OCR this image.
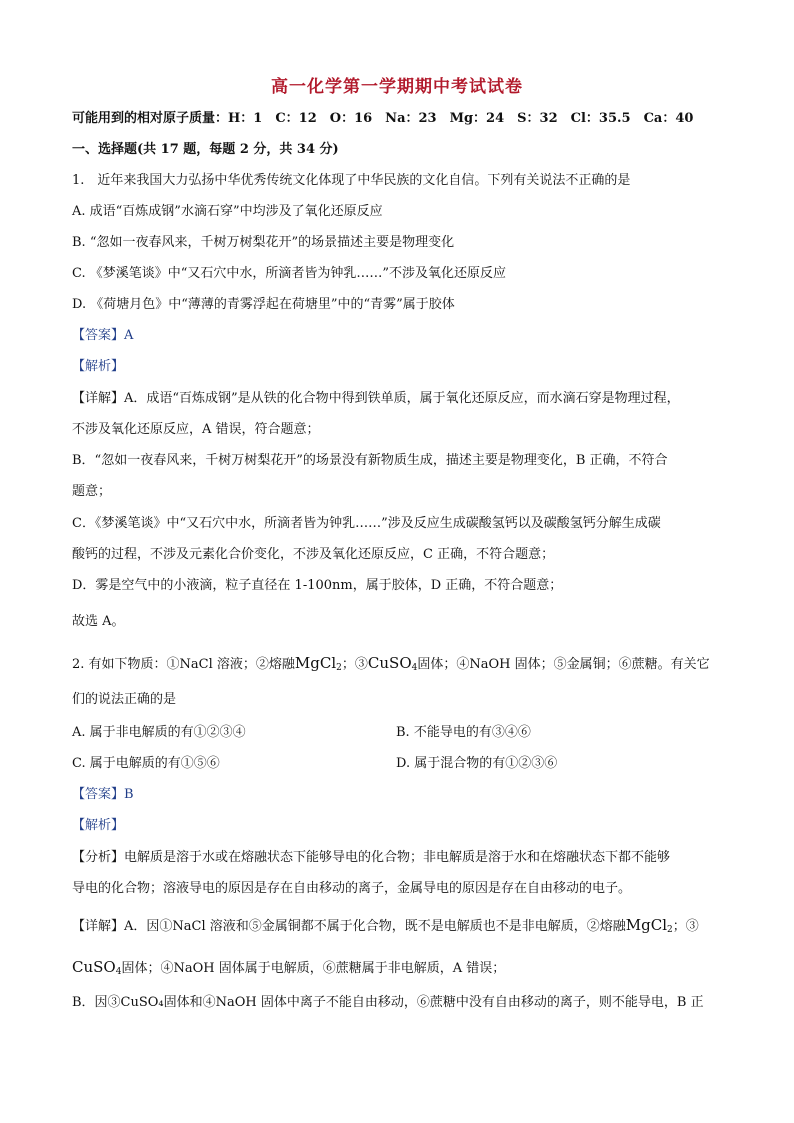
高一化学第一学期期中考试试卷
可能用到的相对原子质量：H：1　C：12　O：16　Na：23　Mg：24　S：32　Cl：35.5　Ca：40
一、选择题(共 17 题，每题 2 分，共 34 分)
1.　近年来我国大力弘扬中华优秀传统文化体现了中华民族的文化自信。下列有关说法不正确的是
A. 成语“百炼成钢”水滴石穿”中均涉及了氧化还原反应
B. “忽如一夜春风来，千树万树梨花开”的场景描述主要是物理变化
C. 《梦溪笔谈》中“又石穴中水，所滴者皆为钟乳……”不涉及氧化还原反应
D. 《荷塘月色》中“薄薄的青雾浮起在荷塘里”中的“青雾”属于胶体
【答案】A
【解析】
【详解】A．成语“百炼成钢”是从铁的化合物中得到铁单质，属于氧化还原反应，而水滴石穿是物理过程，
不涉及氧化还原反应，A 错误，符合题意；
B．“忽如一夜春风来，千树万树梨花开”的场景没有新物质生成，描述主要是物理变化，B 正确，不符合
题意；
C．《梦溪笔谈》中“又石穴中水，所滴者皆为钟乳……”涉及反应生成碳酸氢钙以及碳酸氢钙分解生成碳
酸钙的过程，不涉及元素化合价变化，不涉及氧化还原反应，C 正确，不符合题意；
D．雾是空气中的小液滴，粒子直径在 1-100nm，属于胶体，D 正确，不符合题意；
故选 A。
2. 有如下物质：①NaCl 溶液；②熔融MgCl$_2$；③CuSO$_4$固体；④NaOH 固体；⑤金属铜；⑥蔗糖。有关它
们的说法正确的是
A. 属于非电解质的有①②③④	B. 不能导电的有③④⑥
C. 属于电解质的有①⑤⑥	D. 属于混合物的有①②③⑥
【答案】B
【解析】
【分析】电解质是溶于水或在熔融状态下能够导电的化合物；非电解质是溶于水和在熔融状态下都不能够
导电的化合物；溶液导电的原因是存在自由移动的离子，金属导电的原因是存在自由移动的电子。
【详解】A．因①NaCl 溶液和⑤金属铜都不属于化合物，既不是电解质也不是非电解质，②熔融MgCl$_2$；③
CuSO$_4$固体；④NaOH 固体属于电解质，⑥蔗糖属于非电解质，A 错误；
B．因③CuSO₄固体和④NaOH 固体中离子不能自由移动，⑥蔗糖中没有自由移动的离子，则不能导电，B 正
